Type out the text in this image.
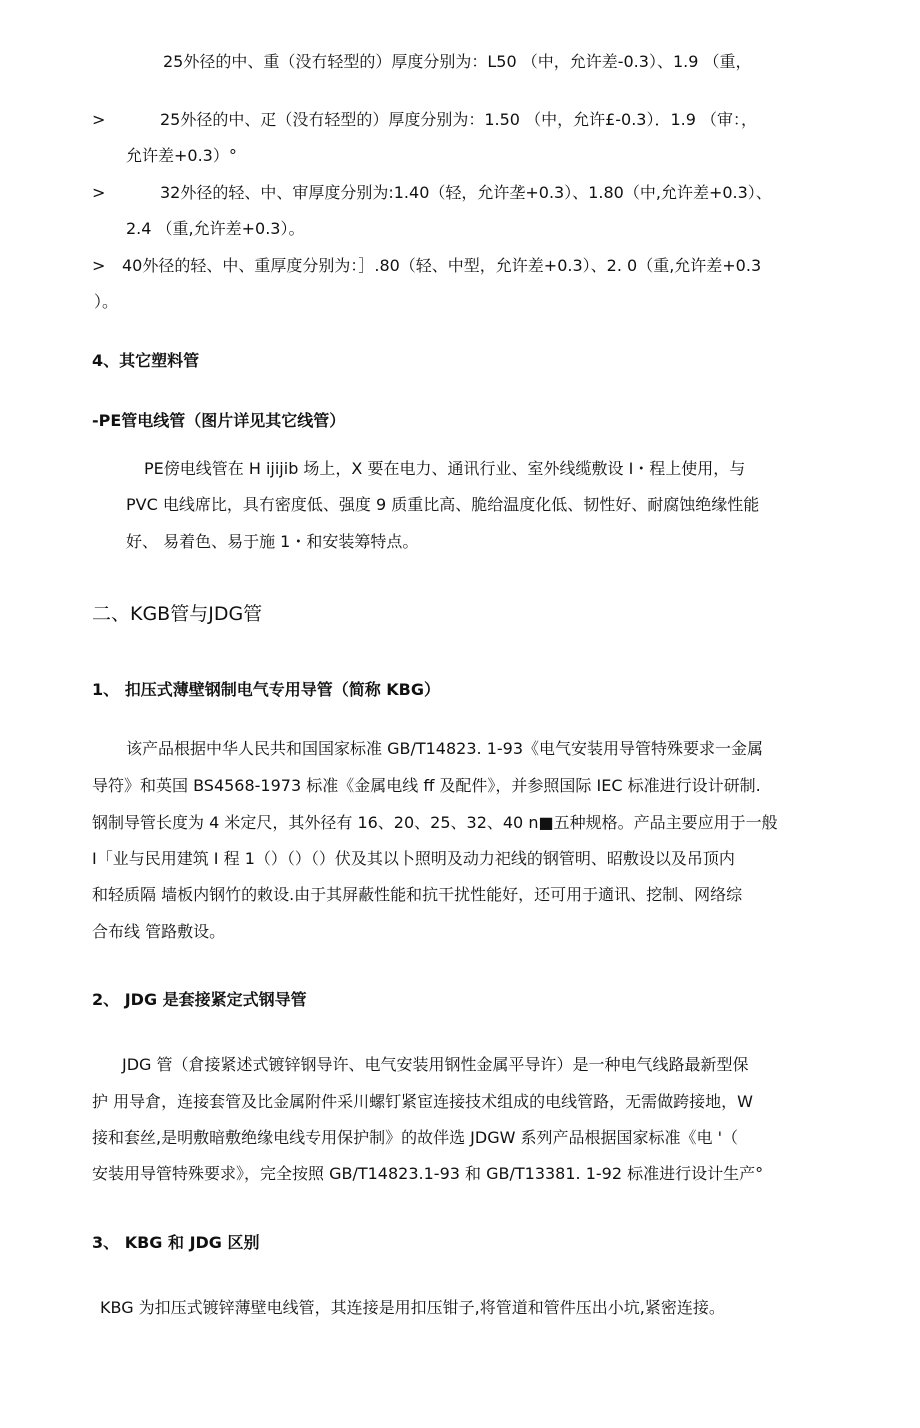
25外径的中、重（没冇轻型的）厚度分别为：L50 （中，允许差-0.3）、1.9 （重，
>	25外径的中、疋（没冇轻型的）厚度分别为：1.50 （中，允许£-0.3）．1.9 （审：，
允许差+0.3）°
>	32外径的轻、中、审厚度分别为:1.40（轻，允许垄+0.3）、1.80（中,允许差+0.3）、
2.4 （重,允许差+0.3）。
> 40外径的轻、中、重厚度分别为：］.80（轻、中型，允许差+0.3）、2. 0（重,允许差+0.3
）。
4、其它塑料管
-PE管电线管（图片详见其它线管）
PE傍电线管在 H ijijib 场上，X 要在电力、通讯行业、室外线缆敷设 I・程上使用，与
PVC 电线席比，具冇密度低、强度 9 质重比高、脆给温度化低、韧性好、耐腐蚀绝缘性能
好、 易着色、易于施 1・和安装筹特点。
二、KGB管与JDG管
1、 扣压式薄壁钢制电气专用导管（简称 KBG）
该产品根据中华人民共和国国家标准 GB/T14823. 1-93《电气安装用导管特殊要求一金属
导符》和英国 BS4568-1973 标准《金属电线 ff 及配件》，并参照国际 IEC 标准进行设计研制.
钢制导管长度为 4 米定尺，其外径有 16、20、25、32、40 n■五种规格。产品主要应用于一般
I「业与民用建筑 I 程 1（）（）（）伏及其以卜照明及动力祀线的钢管明、昭敷设以及吊顶内
和轻质隔 墙板内钢竹的敕设.由于其屏蔽性能和抗干扰性能好，还可用于適讯、挖制、网络综
合布线 管路敷设。
2、 JDG 是套接紧定式钢导管
JDG 管（倉接紧述式镀锌钢导许、电气安装用钢性金属平导许）是一种电气线路最新型保
护 用导倉，连接套管及比金属附件采川螺钉紧宦连接技术组成的电线管路，无需做跨接地，W
接和套丝,是明敷暗敷绝缘电线专用保护制》的故伴选 JDGW 系列产品根据国家标准《电 '（
安装用导管特殊要求》，完全按照 GB/T14823.1-93 和 GB/T13381. 1-92 标准进行设计生产°
3、 KBG 和 JDG 区别
KBG 为扣压式镀锌薄壁电线管，其连接是用扣压钳子,将管道和管件压出小坑,紧密连接。
